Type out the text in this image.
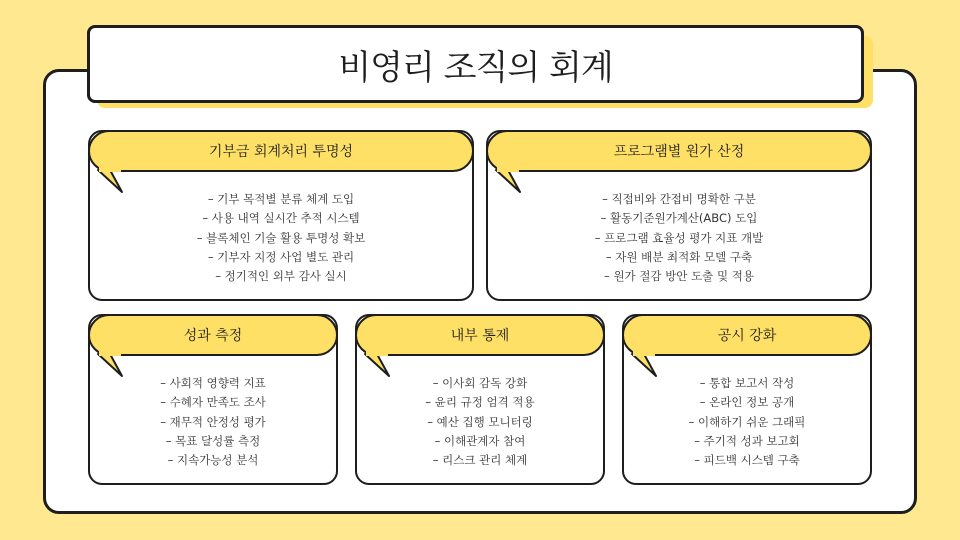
비영리 조직의 회계
기부금 회계처리 투명성
– 기부 목적별 분류 체계 도입
– 사용 내역 실시간 추적 시스템
– 블록체인 기술 활용 투명성 확보
– 기부자 지정 사업 별도 관리
– 정기적인 외부 감사 실시
프로그램별 원가 산정
– 직접비와 간접비 명확한 구분
– 활동기준원가계산(ABC) 도입
– 프로그램 효율성 평가 지표 개발
– 자원 배분 최적화 모델 구축
– 원가 절감 방안 도출 및 적용
성과 측정
– 사회적 영향력 지표
– 수혜자 만족도 조사
– 재무적 안정성 평가
– 목표 달성률 측정
– 지속가능성 분석
내부 통제
– 이사회 감독 강화
– 윤리 규정 엄격 적용
– 예산 집행 모니터링
– 이해관계자 참여
– 리스크 관리 체계
공시 강화
– 통합 보고서 작성
– 온라인 정보 공개
– 이해하기 쉬운 그래픽
– 주기적 성과 보고회
– 피드백 시스템 구축
